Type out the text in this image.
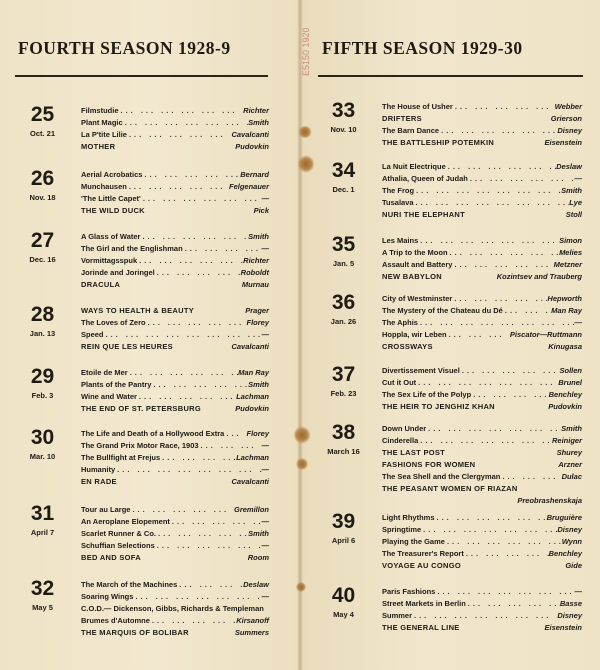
FOURTH SEASON 1928-9	FIFTH SEASON 1929-30
25
Oct. 21
Filmstudie ...	Richter
Plant Magic ...	Smith
La P'tite Lilie ...	Cavalcanti
MOTHER	Pudovkin
26
Nov. 18
Aerial Acrobatics ...	Bernard
Munchausen ...	Felgenauer
'The Little Capet' ...	—
THE WILD DUCK	Pick
27
Dec. 16
A Glass of Water ...	Smith
The Girl and the Englishman ...	—
Vormittagsspuk ...	Richter
Jorinde and Joringel ...	Roboldt
DRACULA	Murnau
28
Jan. 13
WAYS TO HEALTH & BEAUTY	Prager
The Loves of Zero ...	Florey
Speed ...	—
REIN QUE LES HEURES	Cavalcanti
29
Feb. 3
Etoile de Mer ...	Man Ray
Plants of the Pantry ...	Smith
Wine and Water ...	Lachman
THE END OF ST. PETERSBURG	Pudovkin
30
Mar. 10
The Life and Death of a Hollywood Extra ...	Florey
The Grand Prix Motor Race, 1903 ...	—
The Bullfight at Frejus ...	Lachman
Humanity ...	—
EN RADE	Cavalcanti
31
April 7
Tour au Large ...	Gremillon
An Aeroplane Elopement ...	—
Scarlet Runner & Co. ...	Smith
Schuffian Selections ...	—
BED AND SOFA	Room
32
May 5
The March of the Machines ...	Deslaw
Soaring Wings ...	—
C.O.D.— Dickenson, Gibbs, Richards & Templeman
Brumes d'Automne ...	Kirsanoff
THE MARQUIS OF BOLIBAR	Summers
33
Nov. 10
The House of Usher ...	Webber
DRIFTERS	Grierson
The Barn Dance ...	Disney
THE BATTLESHIP POTEMKIN	Eisenstein
34
Dec. 1
La Nuit Electrique ...	Deslaw
Athalia, Queen of Judah ...	—
The Frog ...	Smith
Tusalava ...	Lye
NURI THE ELEPHANT	Stoll
35
Jan. 5
Les Mains ...	Simon
A Trip to the Moon ...	Melies
Assault and Battery ...	Metzner
NEW BABYLON	Kozintsev and Trauberg
36
Jan. 26
City of Westminster ...	Hepworth
The Mystery of the Chateau du Dé ...	Man Ray
The Aphis ...	—
Hoppla, wir Leben ...	Piscator—Ruttmann
CROSSWAYS	Kinugasa
37
Feb. 23
Divertissement Visuel ...	Sollen
Cut it Out ...	Brunel
The Sex Life of the Polyp ...	Benchley
THE HEIR TO JENGHIZ KHAN	Pudovkin
38
March 16
Down Under ...	Smith
Cinderella ...	Reiniger
THE LAST POST	Shurey
FASHIONS FOR WOMEN	Arzner
The Sea Shell and the Clergyman ...	Dulac
THE PEASANT WOMEN OF RIAZAN
Preobrashenskaja
39
April 6
Light Rhythms ...	Bruguière
Springtime ...	Disney
Playing the Game ...	Wynn
The Treasurer's Report ...	Benchley
VOYAGE AU CONGO	Gide
40
May 4
Paris Fashions ...	—
Street Markets in Berlin ...	Basse
Summer ...	Disney
THE GENERAL LINE	Eisenstein
